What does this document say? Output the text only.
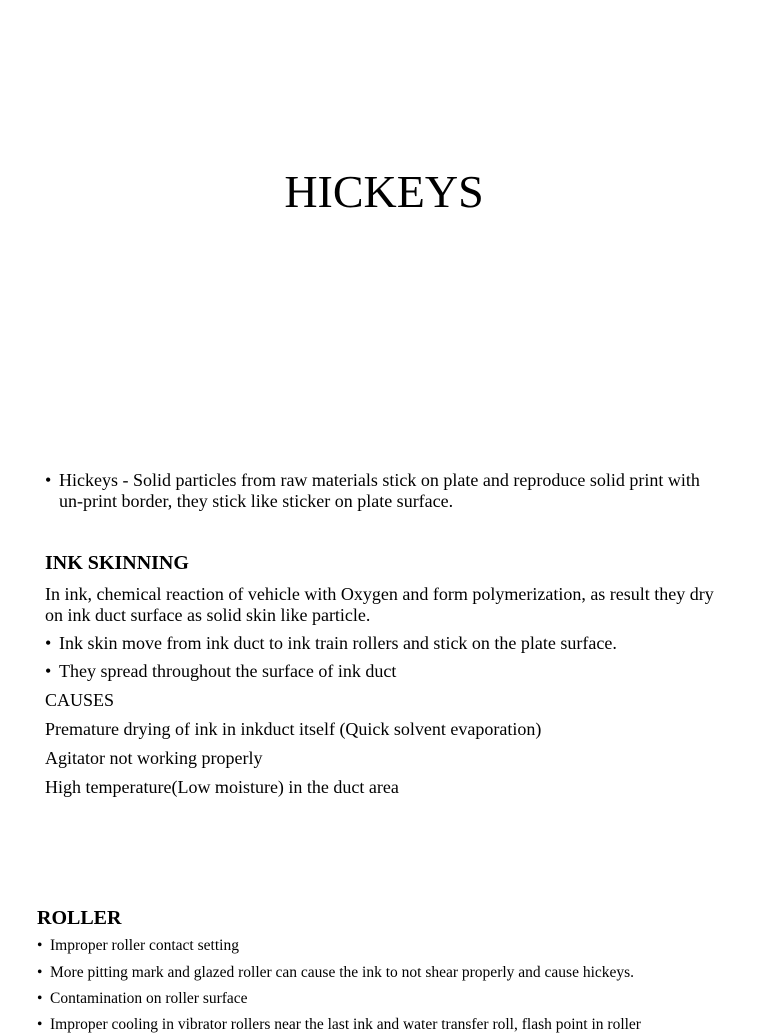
HICKEYS
• Hickeys - Solid particles from raw materials stick on plate and reproduce solid print with un-print border, they stick like sticker on plate surface.
INK SKINNING
In ink, chemical reaction of vehicle with Oxygen and form polymerization, as result they dry on ink duct surface as solid skin like particle.
• Ink skin move from ink duct to ink train rollers and stick on the plate surface.
• They spread throughout the surface of ink duct
CAUSES
Premature drying of ink in inkduct itself (Quick solvent evaporation)
Agitator not working properly
High temperature(Low moisture) in the duct area
ROLLER
• Improper roller contact setting
• More pitting mark and glazed roller can cause the ink to not shear properly and cause hickeys.
• Contamination on roller surface
• Improper cooling in vibrator rollers near the last ink and water transfer roll, flash point in roller
